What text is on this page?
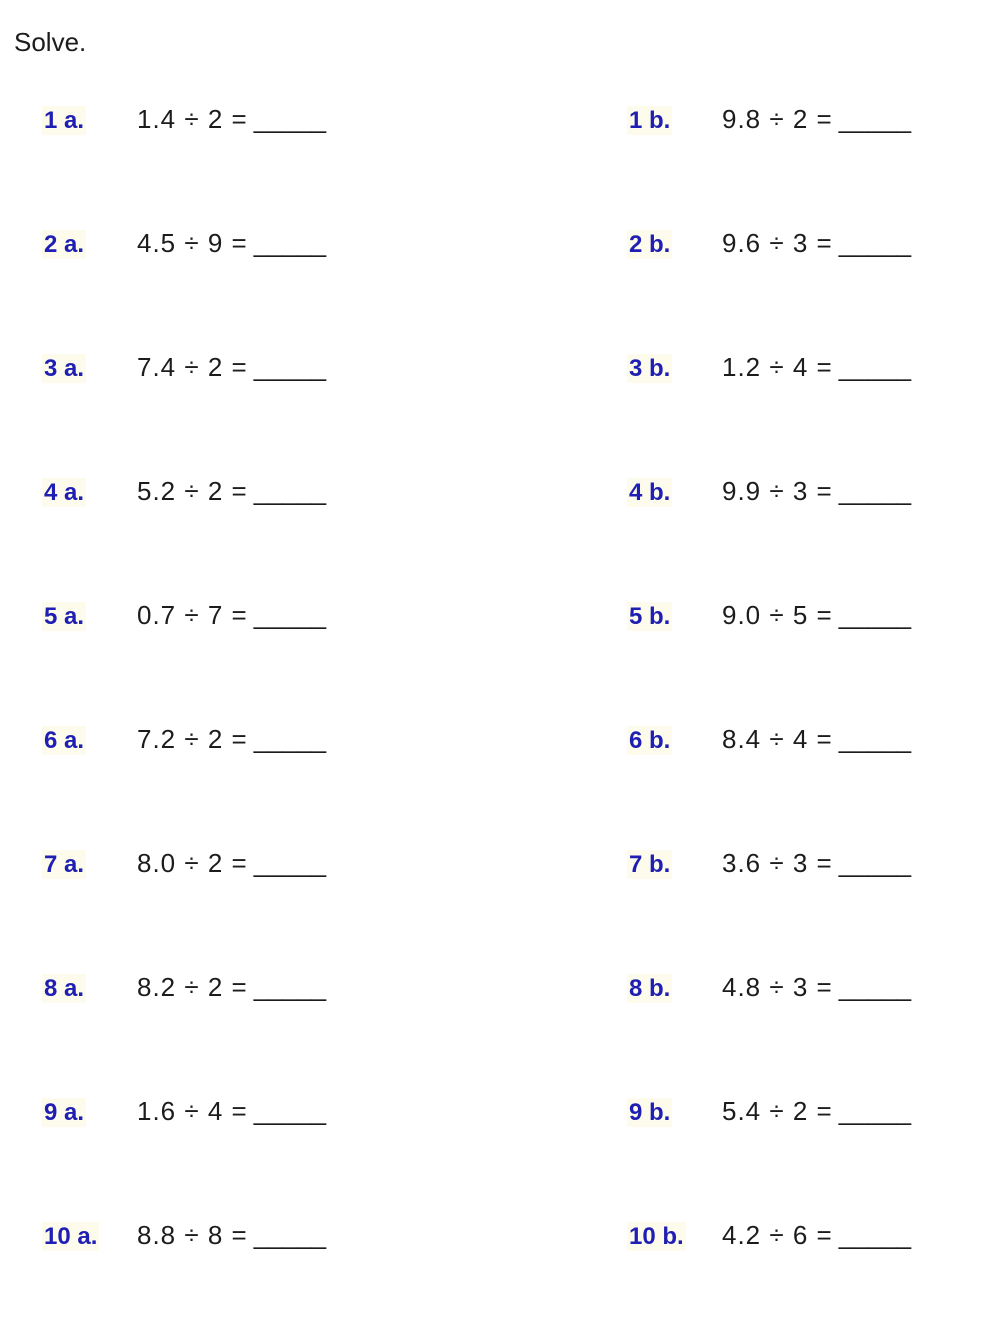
Solve.
1 a. 1.4 ÷ 2 = _____	1 b. 9.8 ÷ 2 = _____
2 a. 4.5 ÷ 9 = _____	2 b. 9.6 ÷ 3 = _____
3 a. 7.4 ÷ 2 = _____	3 b. 1.2 ÷ 4 = _____
4 a. 5.2 ÷ 2 = _____	4 b. 9.9 ÷ 3 = _____
5 a. 0.7 ÷ 7 = _____	5 b. 9.0 ÷ 5 = _____
6 a. 7.2 ÷ 2 = _____	6 b. 8.4 ÷ 4 = _____
7 a. 8.0 ÷ 2 = _____	7 b. 3.6 ÷ 3 = _____
8 a. 8.2 ÷ 2 = _____	8 b. 4.8 ÷ 3 = _____
9 a. 1.6 ÷ 4 = _____	9 b. 5.4 ÷ 2 = _____
10 a. 8.8 ÷ 8 = _____	10 b. 4.2 ÷ 6 = _____
